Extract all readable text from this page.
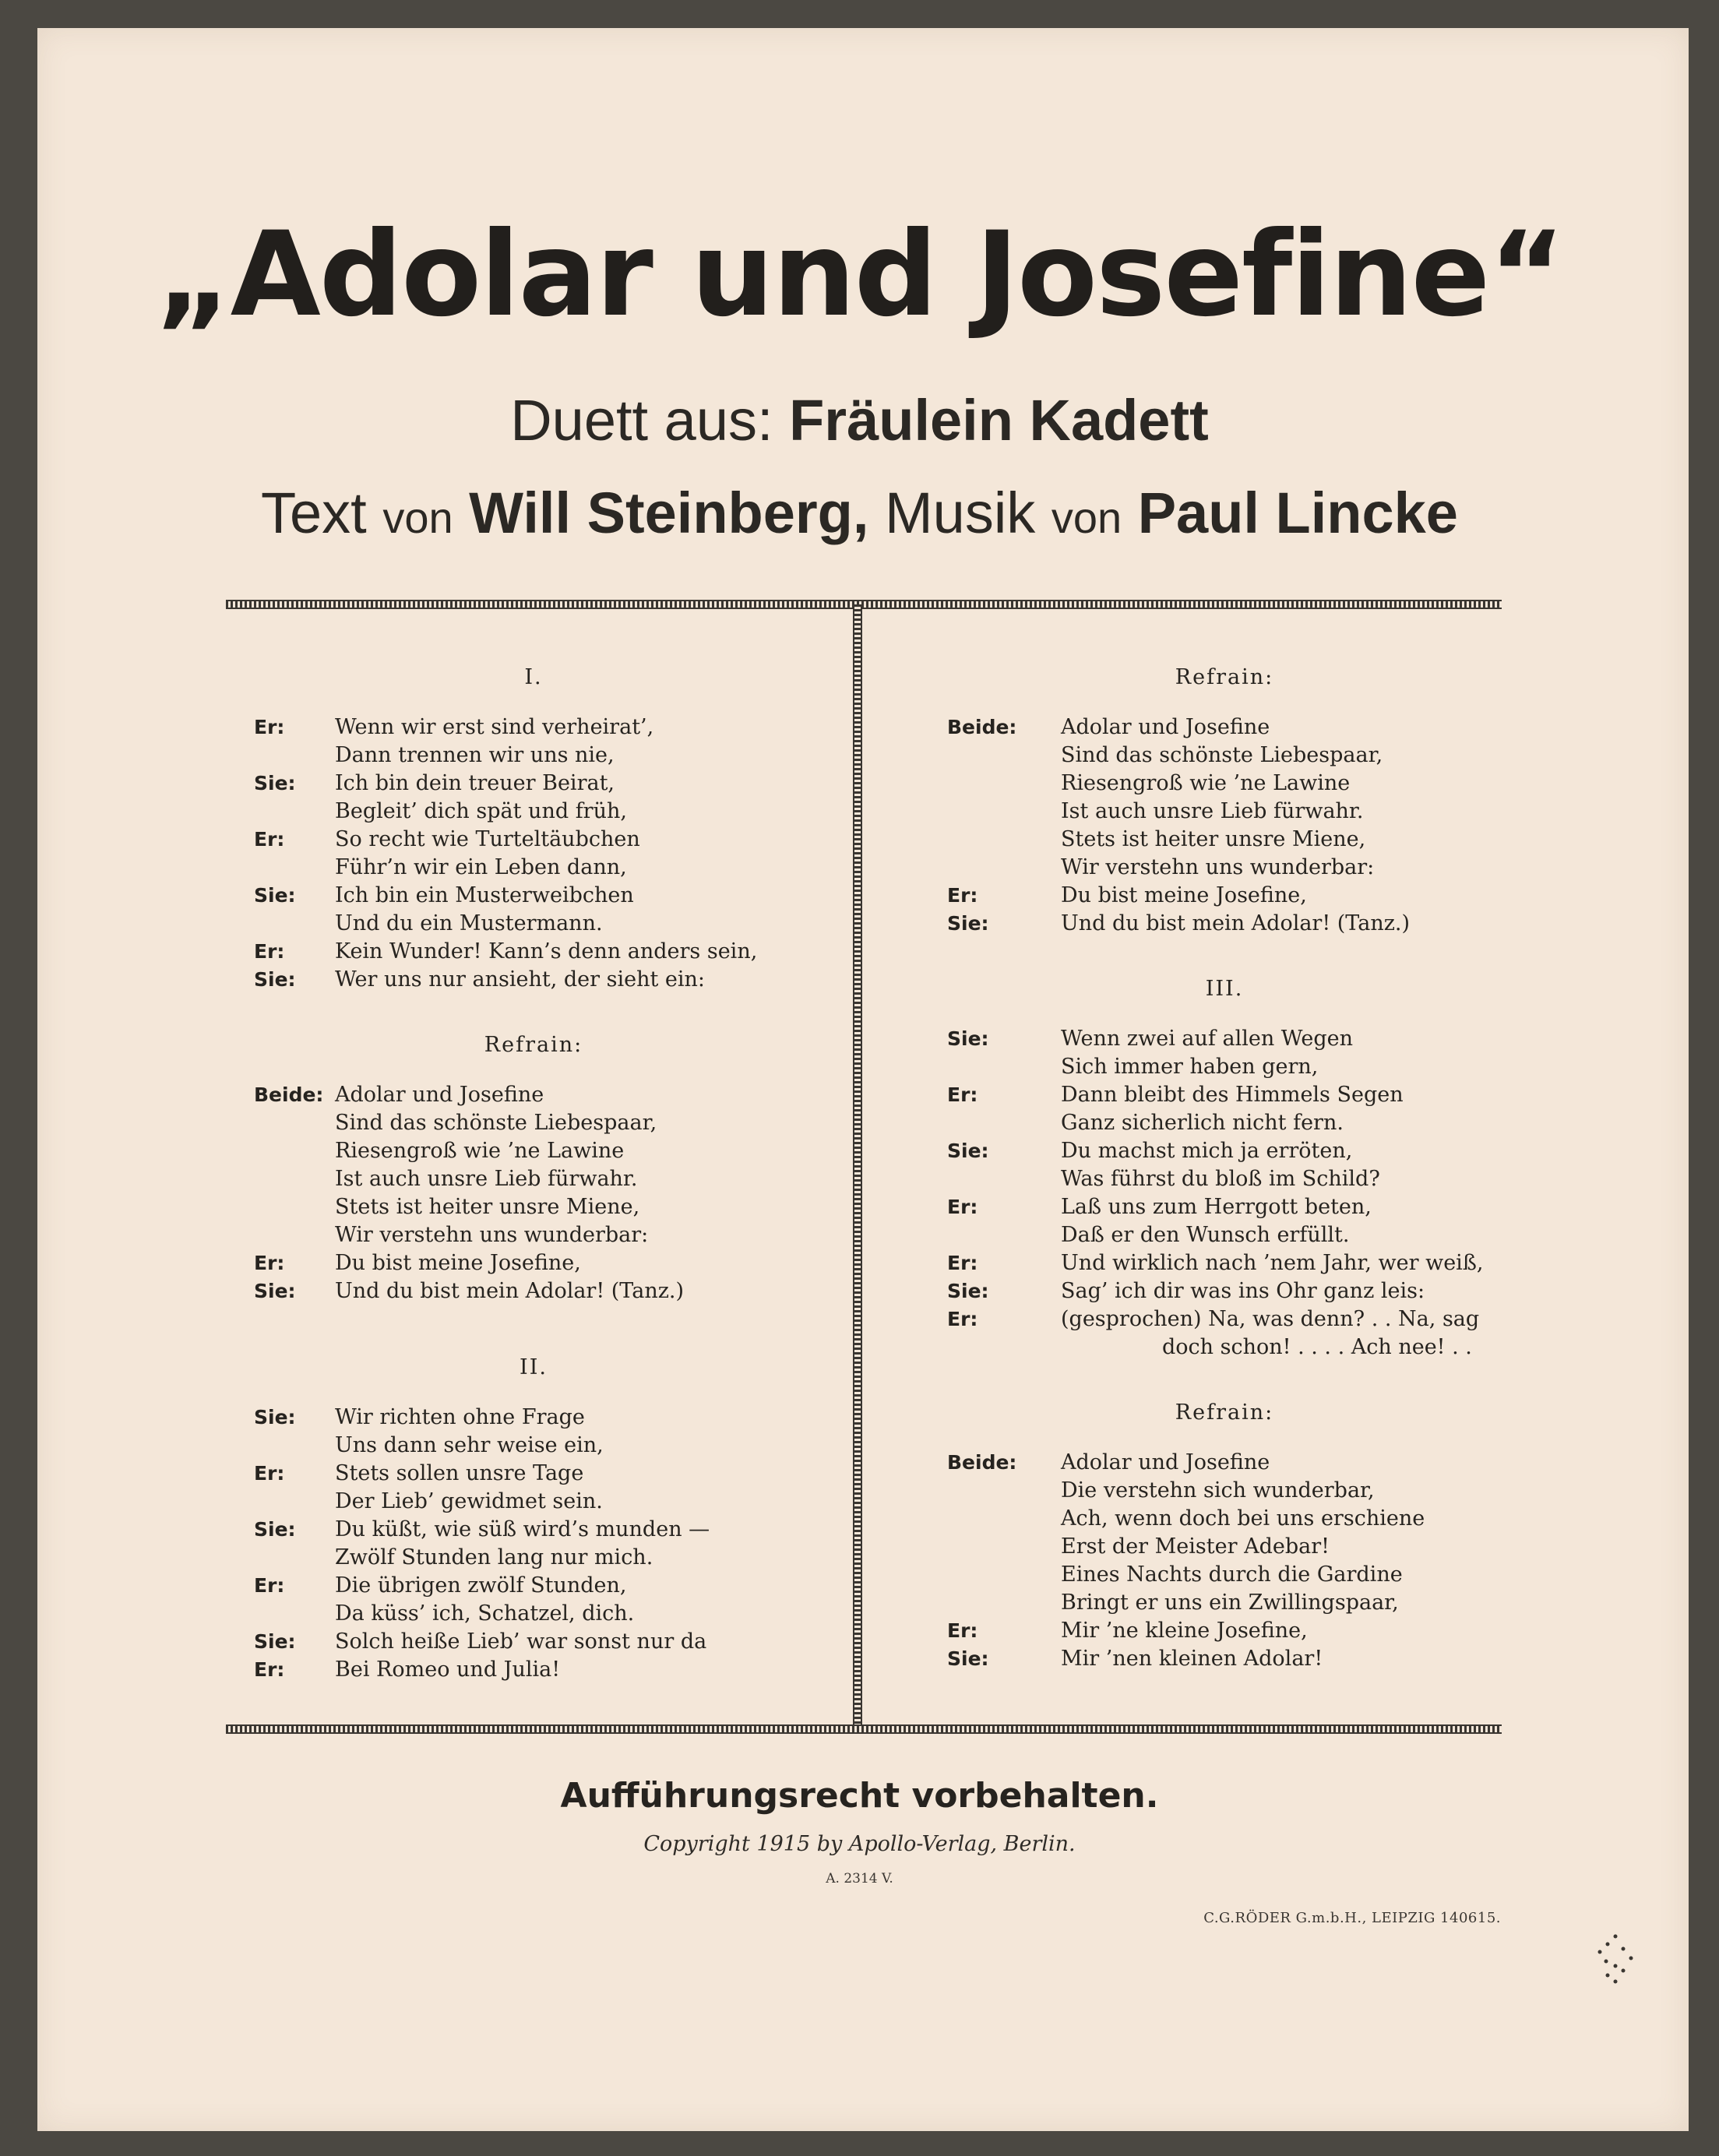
„Adolar und Josefine“
Duett aus: Fräulein Kadett
Text von Will Steinberg, Musik von Paul Lincke
I.
Er:	Wenn wir erst sind verheirat’,
Dann trennen wir uns nie,
Sie:	Ich bin dein treuer Beirat,
Begleit’ dich spät und früh,
Er:	So recht wie Turteltäubchen
Führ’n wir ein Leben dann,
Sie:	Ich bin ein Musterweibchen
Und du ein Mustermann.
Er:	Kein Wunder! Kann’s denn anders sein,
Sie:	Wer uns nur ansieht, der sieht ein:
Refrain:
Beide: Adolar und Josefine
Sind das schönste Liebespaar,
Riesengroß wie ’ne Lawine
Ist auch unsre Lieb fürwahr.
Stets ist heiter unsre Miene,
Wir verstehn uns wunderbar:
Er:	Du bist meine Josefine,
Sie:	Und du bist mein Adolar! (Tanz.)
II.
Sie:	Wir richten ohne Frage
Uns dann sehr weise ein,
Er:	Stets sollen unsre Tage
Der Lieb’ gewidmet sein.
Sie:	Du küßt, wie süß wird’s munden —
Zwölf Stunden lang nur mich.
Er:	Die übrigen zwölf Stunden,
Da küss’ ich, Schatzel, dich.
Sie:	Solch heiße Lieb’ war sonst nur da
Er:	Bei Romeo und Julia!
Refrain:
Beide:	Adolar und Josefine
Sind das schönste Liebespaar,
Riesengroß wie ’ne Lawine
Ist auch unsre Lieb fürwahr.
Stets ist heiter unsre Miene,
Wir verstehn uns wunderbar:
Er:	Du bist meine Josefine,
Sie:	Und du bist mein Adolar! (Tanz.)
III.
Sie:	Wenn zwei auf allen Wegen
Sich immer haben gern,
Er:	Dann bleibt des Himmels Segen
Ganz sicherlich nicht fern.
Sie:	Du machst mich ja erröten,
Was führst du bloß im Schild?
Er:	Laß uns zum Herrgott beten,
Daß er den Wunsch erfüllt.
Er:	Und wirklich nach ’nem Jahr, wer weiß,
Sie:	Sag’ ich dir was ins Ohr ganz leis:
Er:	(gesprochen) Na, was denn? . . Na, sag
doch schon! . . . . Ach nee! . .
Refrain:
Beide:	Adolar und Josefine
Die verstehn sich wunderbar,
Ach, wenn doch bei uns erschiene
Erst der Meister Adebar!
Eines Nachts durch die Gardine
Bringt er uns ein Zwillingspaar,
Er:	Mir ’ne kleine Josefine,
Sie:	Mir ’nen kleinen Adolar!
Aufführungsrecht vorbehalten.
Copyright 1915 by Apollo-Verlag, Berlin.
A. 2314 V.
C.G.RÖDER G.m.b.H., LEIPZIG 140615.
